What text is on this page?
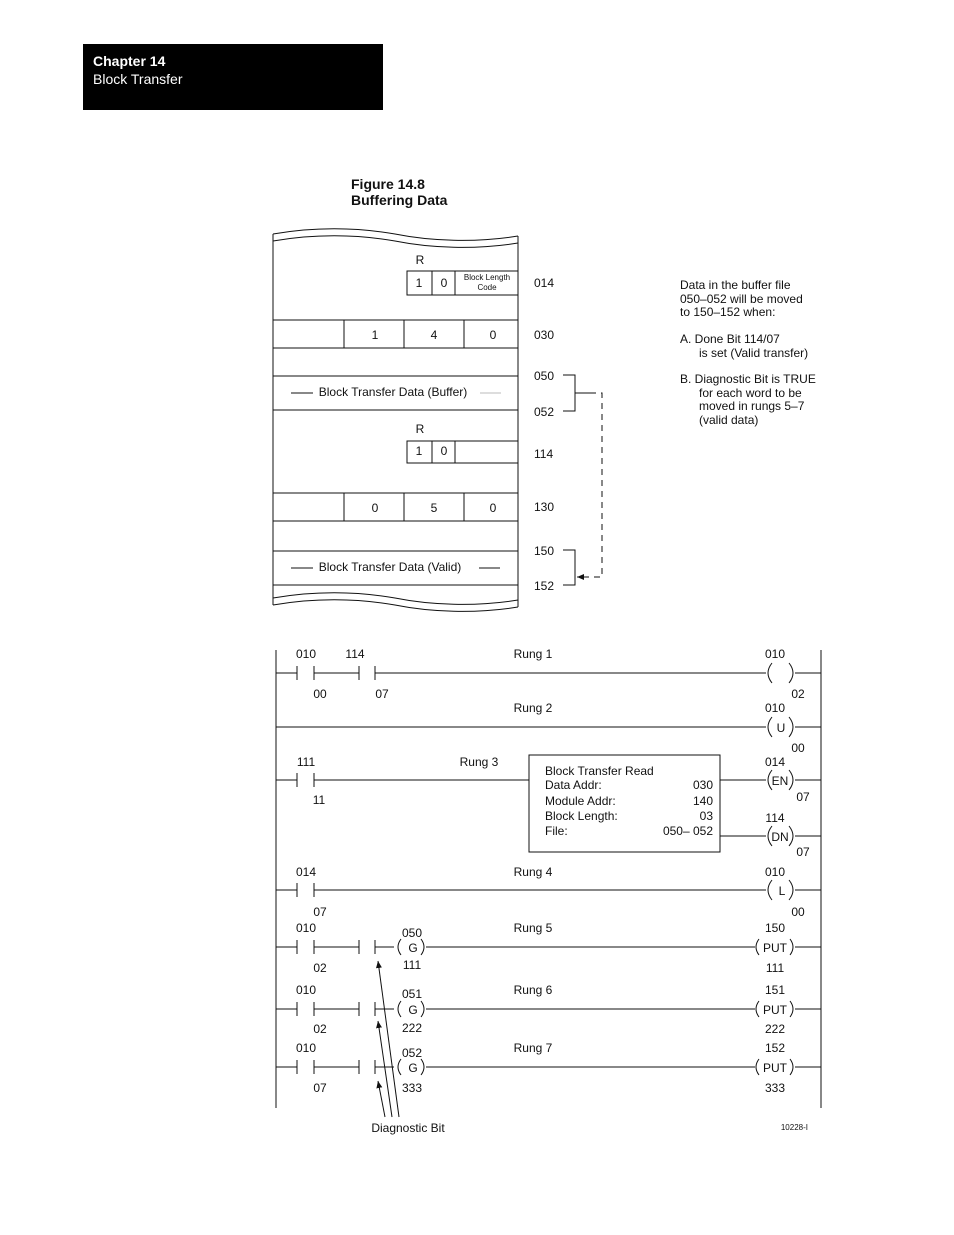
Chapter 14
Block Transfer
Figure 14.8
Buffering Data
Data in the buffer file
050–052 will be moved
to 150–152 when:
A. Done Bit 114/07
is set (Valid transfer)
B. Diagnostic Bit is TRUE
for each word to be
moved in rungs 5–7
(valid data)
R
1 0	Block Length Code
1	4	0
Block Transfer Data (Buffer)
R
1 0
0	5	0
Block Transfer Data (Valid)
014
030
050
052
114
130
150
152
010
00
114
07
Rung 1	010
02
Rung 2	010
U
00
111
11
Rung 3
Block Transfer Read
Data Addr:	030
Module Addr:	140
Block Length:	03
File:	050– 052
014
EN
07
114
DN
07
014
07
Rung 4	010
L
00
010
02
050
G
111
Rung 5	150
PUT
111
010
02
051
G
222
Rung 6	151
PUT
222
010
07
052
G
333
Rung 7	152
PUT
333
Diagnostic Bit	10228-I
